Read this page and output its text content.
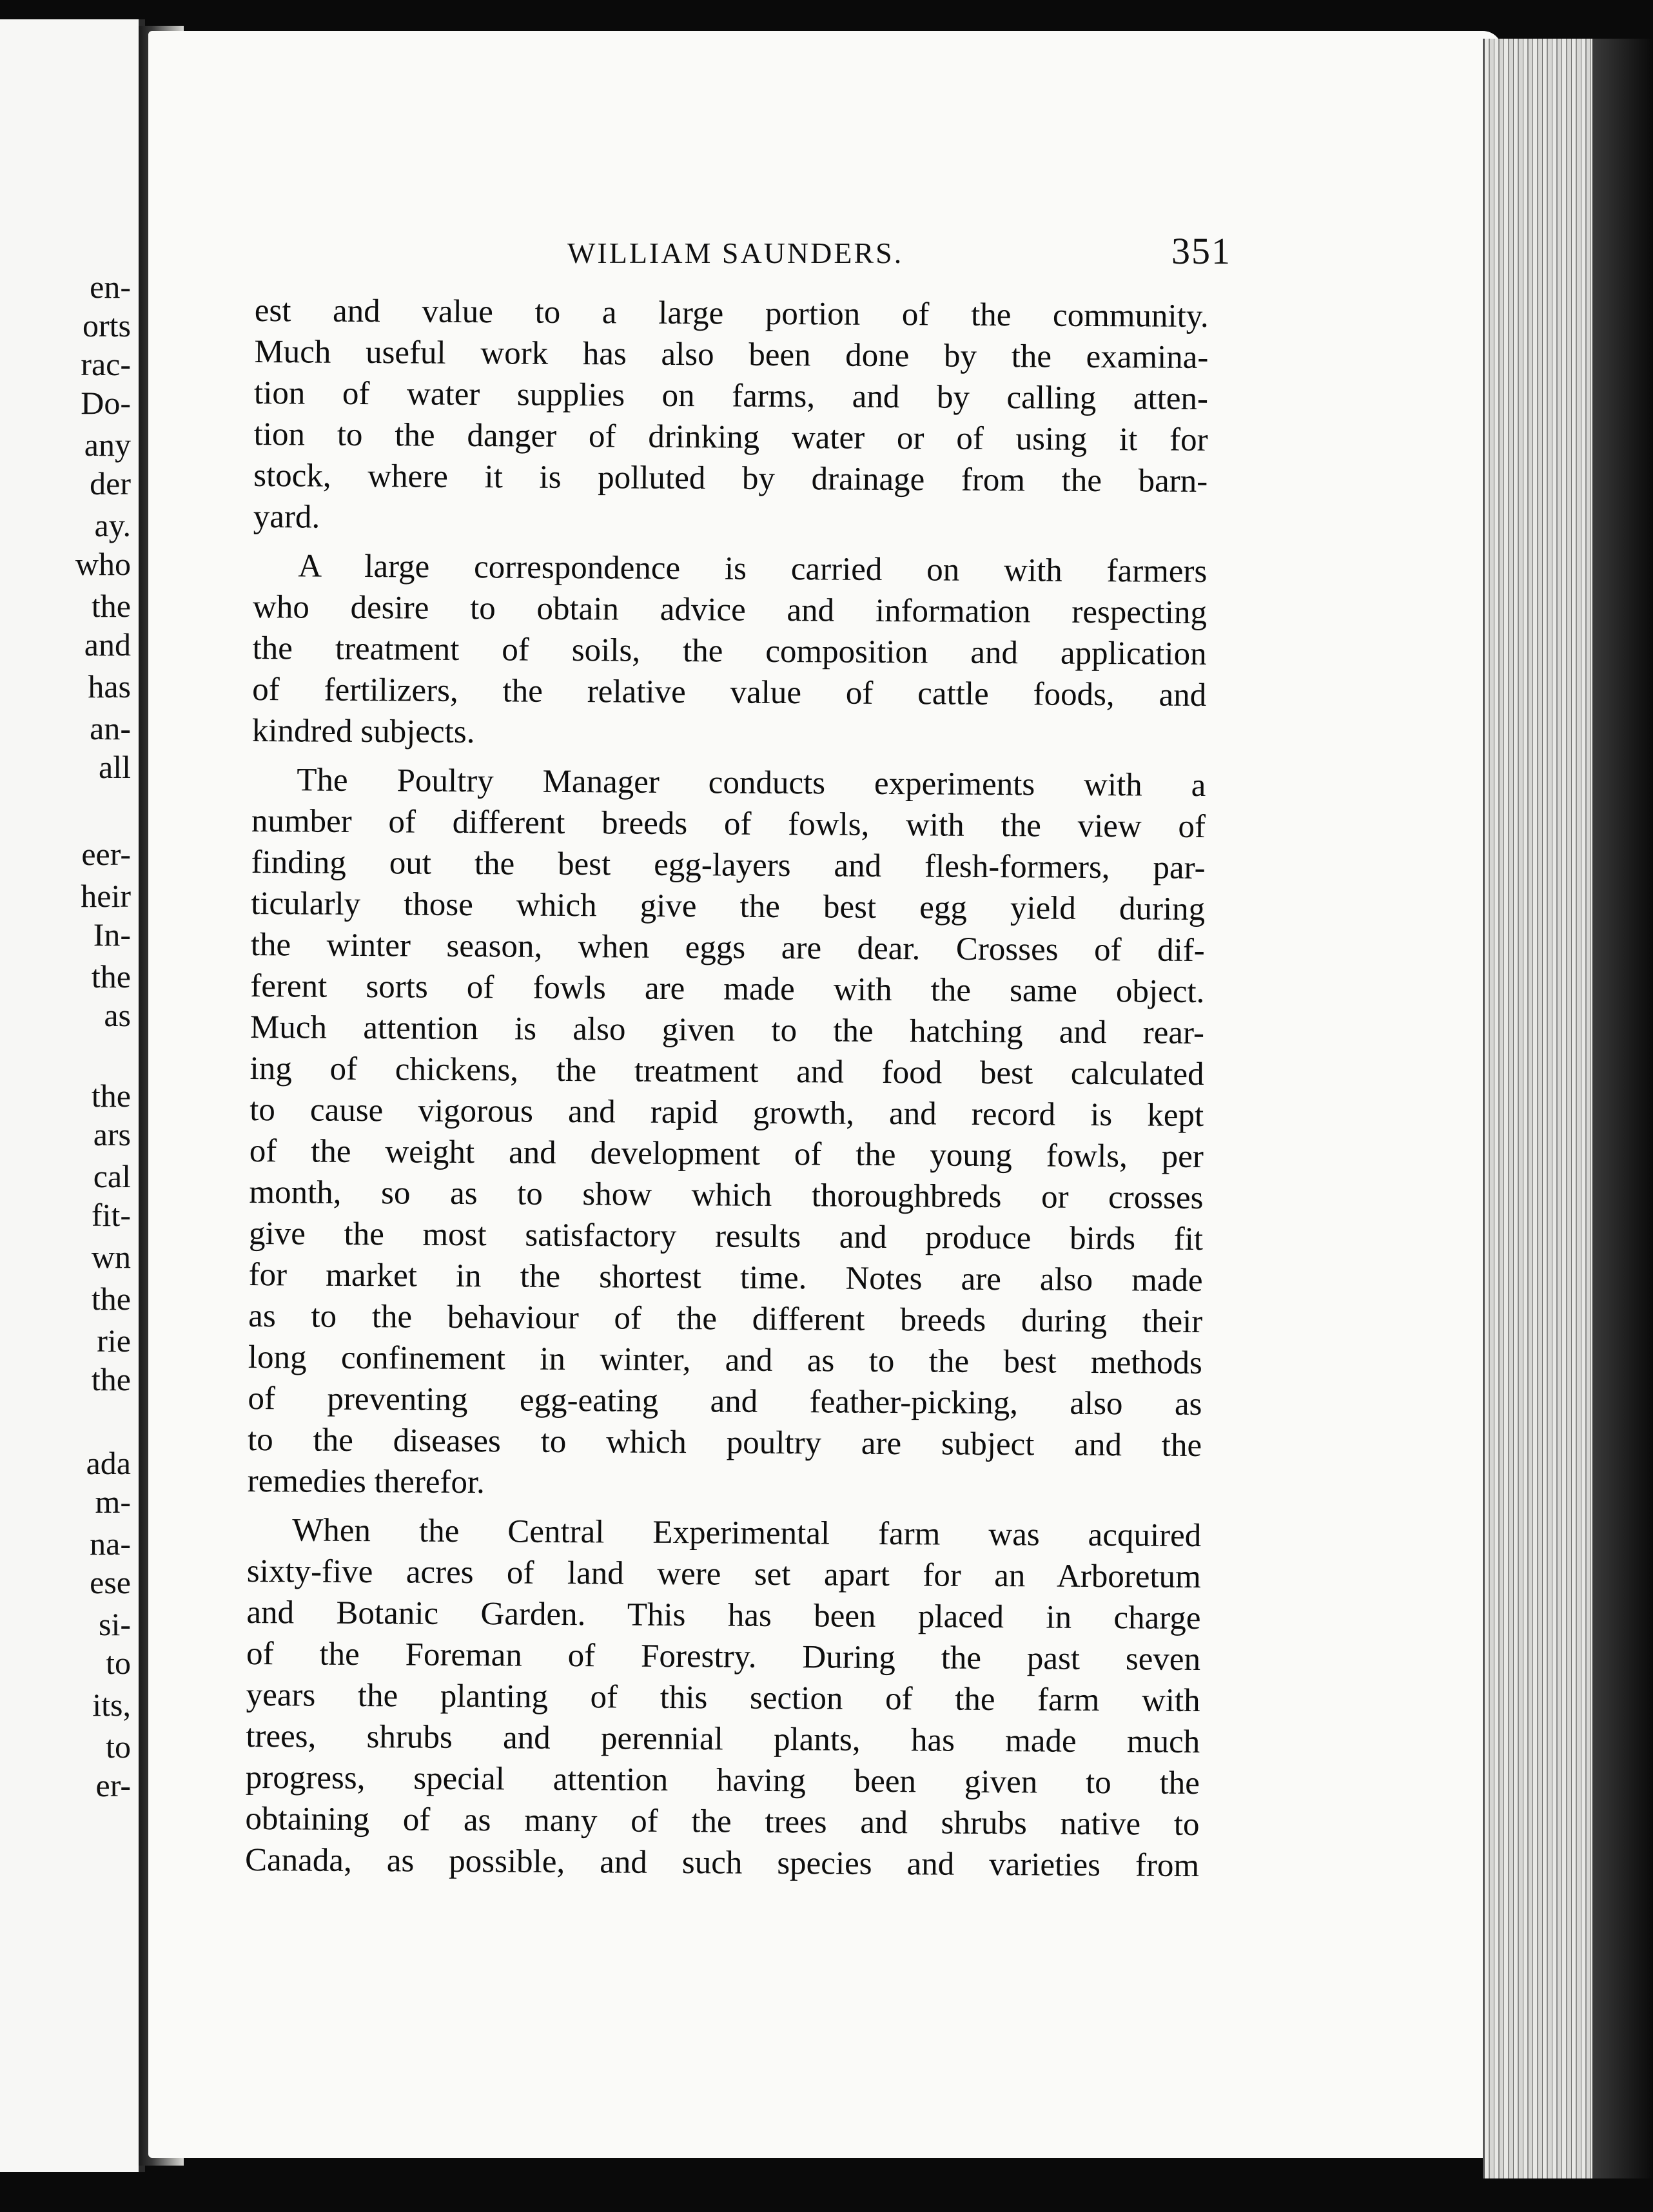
en-
orts
rac-
Do-
any
der
ay.
who
the
and
has
an-
all
eer-
heir
In-
the
as
the
ars
cal
fit-
wn
the
rie
the
ada
m-
na-
ese
si-
to
its,
to
er-
WILLIAM SAUNDERS.	351
est and value to a large portion of the community.
Much useful work has also been done by the examina-
tion of water supplies on farms, and by calling atten-
tion to the danger of drinking water or of using it for
stock, where it is polluted by drainage from the barn-
yard.
A large correspondence is carried on with farmers
who desire to obtain advice and information respecting
the treatment of soils, the composition and application
of fertilizers, the relative value of cattle foods, and
kindred subjects.
The Poultry Manager conducts experiments with a
number of different breeds of fowls, with the view of
finding out the best egg-layers and flesh-formers, par-
ticularly those which give the best egg yield during
the winter season, when eggs are dear. Crosses of dif-
ferent sorts of fowls are made with the same object.
Much attention is also given to the hatching and rear-
ing of chickens, the treatment and food best calculated
to cause vigorous and rapid growth, and record is kept
of the weight and development of the young fowls, per
month, so as to show which thoroughbreds or crosses
give the most satisfactory results and produce birds fit
for market in the shortest time. Notes are also made
as to the behaviour of the different breeds during their
long confinement in winter, and as to the best methods
of preventing egg-eating and feather-picking, also as
to the diseases to which poultry are subject and the
remedies therefor.
When the Central Experimental farm was acquired
sixty-five acres of land were set apart for an Arboretum
and Botanic Garden. This has been placed in charge
of the Foreman of Forestry. During the past seven
years the planting of this section of the farm with
trees, shrubs and perennial plants, has made much
progress, special attention having been given to the
obtaining of as many of the trees and shrubs native to
Canada, as possible, and such species and varieties from
